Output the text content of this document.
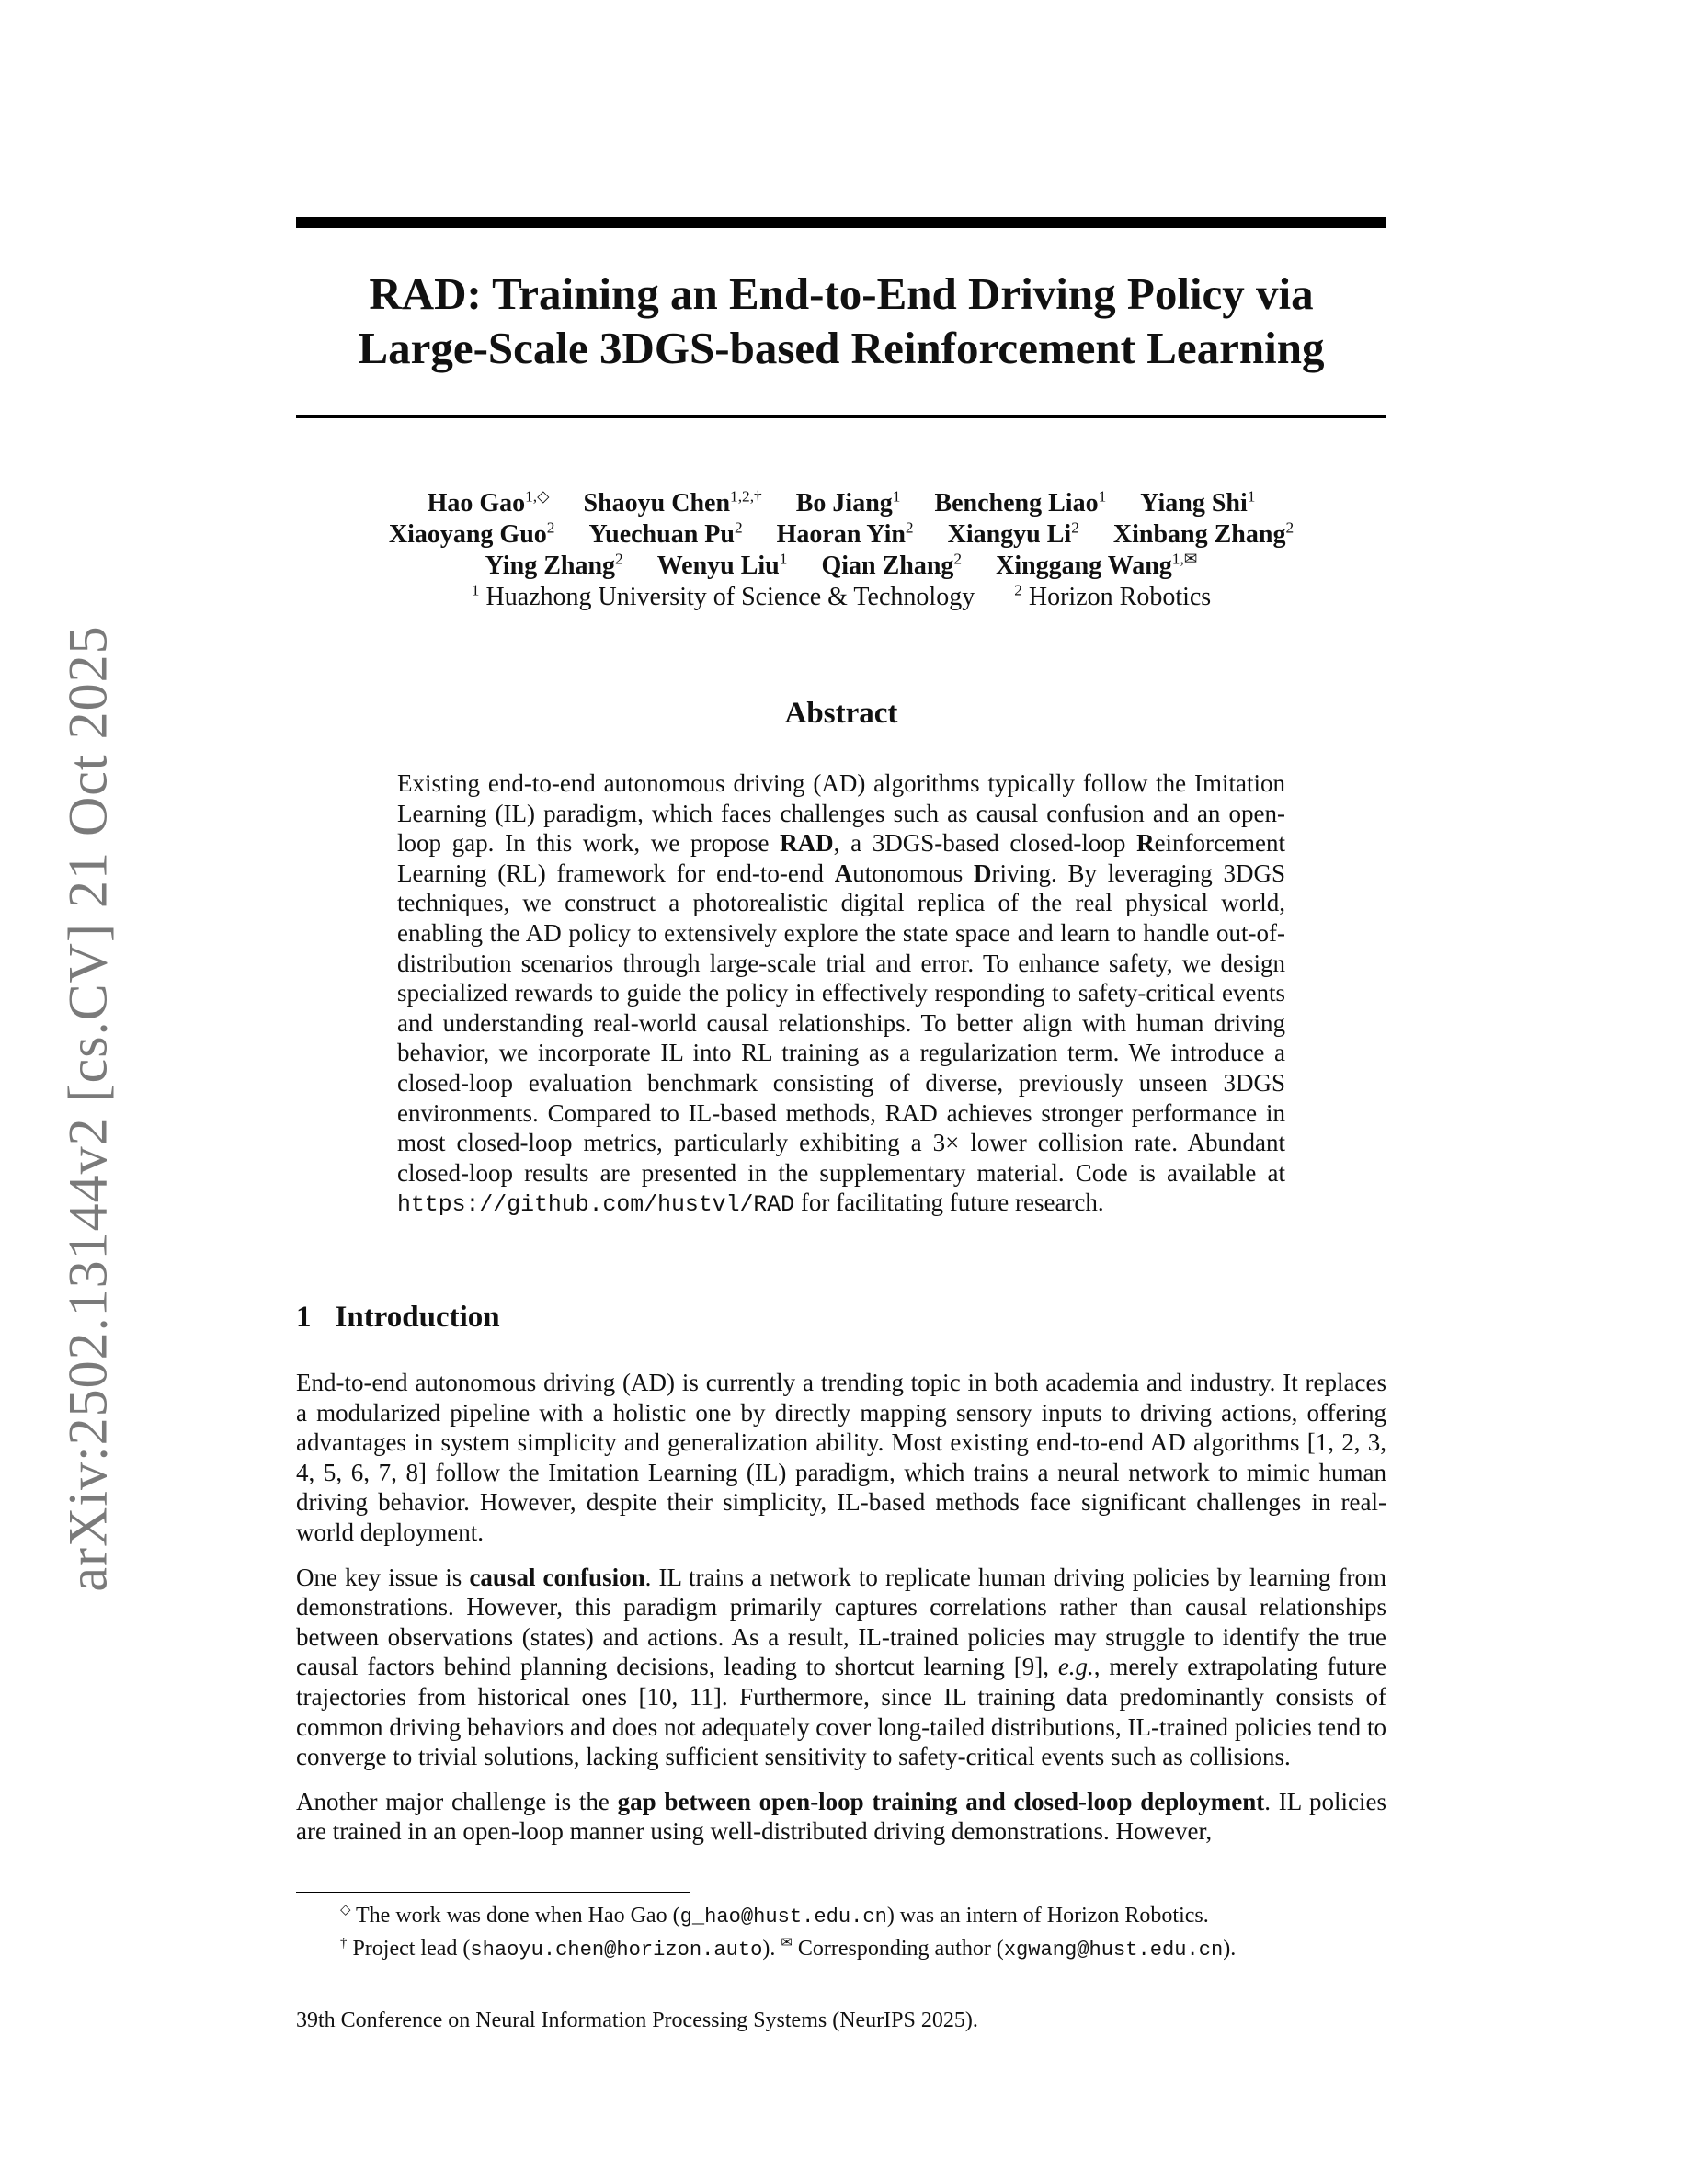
arXiv:2502.13144v2 [cs.CV] 21 Oct 2025
RAD: Training an End-to-End Driving Policy via
Large-Scale 3DGS-based Reinforcement Learning
Hao Gao$^{1,◇}$ Shaoyu Chen$^{1,2,\dagger}$ Bo Jiang$^1$ Bencheng Liao$^1$ Yiang Shi$^1$
Xiaoyang Guo$^2$ Yuechuan Pu$^2$ Haoran Yin$^2$ Xiangyu Li$^2$ Xinbang Zhang$^2$
Ying Zhang$^2$ Wenyu Liu$^1$ Qian Zhang$^2$ Xinggang Wang$^{1,✉}$
$^1$ Huazhong University of Science & Technology $^2$ Horizon Robotics
Abstract

Existing end-to-end autonomous driving (AD) algorithms typically follow the Imitation Learning (IL) paradigm, which faces challenges such as causal confusion and an open-loop gap. In this work, we propose RAD, a 3DGS-based closed-loop Reinforcement Learning (RL) framework for end-to-end Autonomous Driving. By leveraging 3DGS techniques, we construct a photorealistic digital replica of the real physical world, enabling the AD policy to extensively explore the state space and learn to handle out-of-distribution scenarios through large-scale trial and error. To enhance safety, we design specialized rewards to guide the policy in effectively responding to safety-critical events and understanding real-world causal relationships. To better align with human driving behavior, we incorporate IL into RL training as a regularization term. We introduce a closed-loop evaluation benchmark consisting of diverse, previously unseen 3DGS environments. Compared to IL-based methods, RAD achieves stronger performance in most closed-loop metrics, particularly exhibiting a 3× lower collision rate. Abundant closed-loop results are presented in the supplementary material. Code is available at https://github.com/hustvl/RAD for facilitating future research.

1 Introduction

End-to-end autonomous driving (AD) is currently a trending topic in both academia and industry. It replaces a modularized pipeline with a holistic one by directly mapping sensory inputs to driving actions, offering advantages in system simplicity and generalization ability. Most existing end-to-end AD algorithms [1, 2, 3, 4, 5, 6, 7, 8] follow the Imitation Learning (IL) paradigm, which trains a neural network to mimic human driving behavior. However, despite their simplicity, IL-based methods face significant challenges in real-world deployment.

One key issue is causal confusion. IL trains a network to replicate human driving policies by learning from demonstrations. However, this paradigm primarily captures correlations rather than causal relationships between observations (states) and actions. As a result, IL-trained policies may struggle to identify the true causal factors behind planning decisions, leading to shortcut learning [9], e.g., merely extrapolating future trajectories from historical ones [10, 11]. Furthermore, since IL training data predominantly consists of common driving behaviors and does not adequately cover long-tailed distributions, IL-trained policies tend to converge to trivial solutions, lacking sufficient sensitivity to safety-critical events such as collisions.

Another major challenge is the gap between open-loop training and closed-loop deployment. IL policies are trained in an open-loop manner using well-distributed driving demonstrations. However,

◇ The work was done when Hao Gao (g_hao@hust.edu.cn) was an intern of Horizon Robotics.
† Project lead (shaoyu.chen@horizon.auto). ✉ Corresponding author (xgwang@hust.edu.cn).
39th Conference on Neural Information Processing Systems (NeurIPS 2025).
